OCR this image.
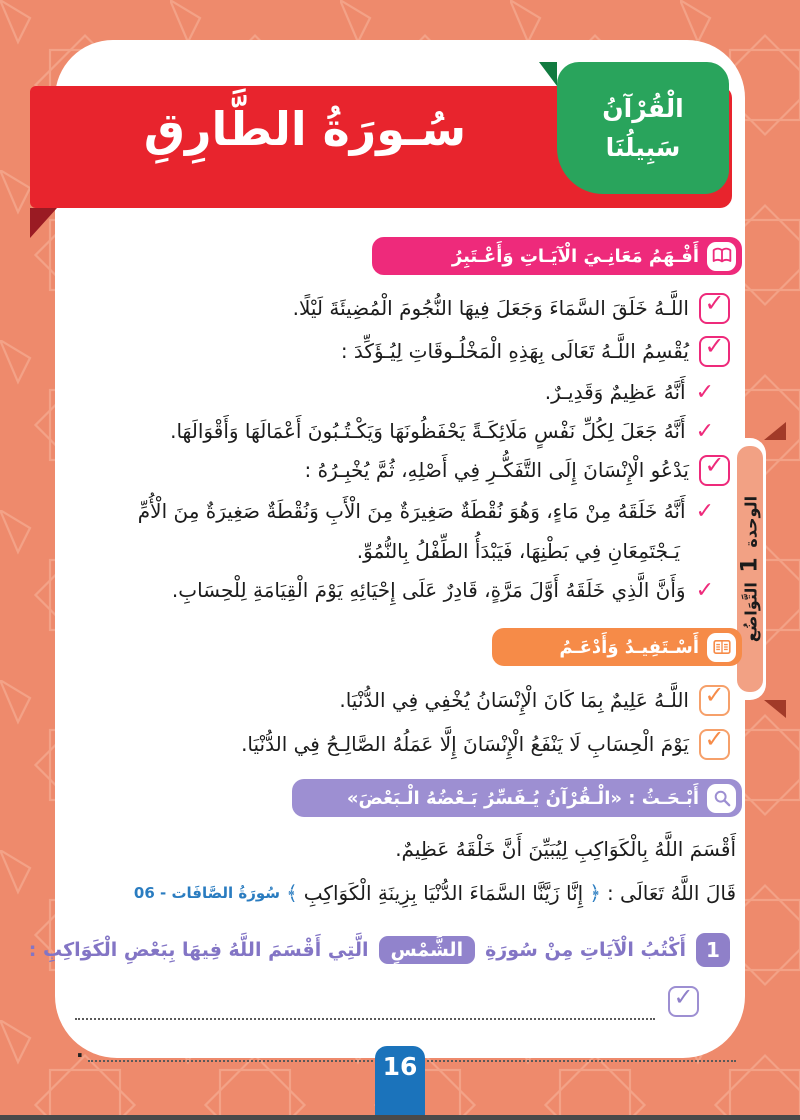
الوحدة 1 التَّوَاضُع
سُـورَةُ الطَّارِقِ	الْقُرْآنُ
سَبِيلُنَا
أَفْـهَمُ مَعَانِـيَ الْآيَـاتِ وَأَعْـتَبِرُ
✓
اللَّـهُ خَلَقَ السَّمَاءَ وَجَعَلَ فِيهَا النُّجُومَ الْمُضِيئَةَ لَيْلًا.
✓
يُقْسِمُ اللَّـهُ تَعَالَى بِهَذِهِ الْمَخْلُـوقَاتِ لِيُـؤَكِّدَ :
✓
أَنَّهُ عَظِيمٌ وَقَدِيـرٌ.
✓
أَنَّهُ جَعَلَ لِكُلِّ نَفْسٍ مَلَائِكَـةً يَحْفَظُونَهَا وَيَكْـتُـبُونَ أَعْمَالَهَا وَأَقْوَالَهَا.
✓
يَدْعُو الْإِنْسَانَ إِلَى التَّفَكُّـرِ فِي أَصْلِهِ، ثُمَّ يُخْبِـرُهُ :
✓
أَنَّهُ خَلَقَهُ مِنْ مَاءٍ، وَهُوَ نُقْطَةٌ صَغِيرَةٌ مِنَ الْأَبِ وَنُقْطَةٌ صَغِيرَةٌ مِنَ الْأُمِّ
يَـجْتَمِعَانِ فِي بَطْنِهَا، فَيَبْدَأُ الطِّفْلُ بِالنُّمُوِّ.
✓
وَأَنَّ الَّذِي خَلَقَهُ أَوَّلَ مَرَّةٍ، قَادِرٌ عَلَى إِحْيَائِهِ يَوْمَ الْقِيَامَةِ لِلْحِسَابِ.
أَسْـتَفِيـدُ وَأَدْعَـمُ
✓
اللَّـهُ عَلِيمٌ بِمَا كَانَ الْإِنْسَانُ يُخْفِي فِي الدُّنْيَا.
✓
يَوْمَ الْحِسَابِ لَا يَنْفَعُ الْإِنْسَانَ إِلَّا عَمَلُهُ الصَّالِـحُ فِي الدُّنْيَا.
أَبْـحَـثُ : «الْـقُرْآنُ يُـفَسِّرُ بَـعْضُهُ الْـبَعْضَ»
أَقْسَمَ اللَّهُ بِالْكَوَاكِبِ لِيُبَيِّنَ أَنَّ خَلْقَهُ عَظِيمٌ.
قَالَ اللَّهُ تَعَالَى :
﴿
إِنَّا زَيَّنَّا السَّمَاءَ الدُّنْيَا بِزِينَةِ الْكَوَاكِبِ
﴾
سُورَةُ الصَّافَات - 06
1
أَكْتُبُ الْآيَاتِ مِنْ سُورَةِ
الشَّمْسِ
الَّتِي أَقْسَمَ اللَّهُ فِيهَا بِبَعْضِ الْكَوَاكِبِ :
✓
.
16
